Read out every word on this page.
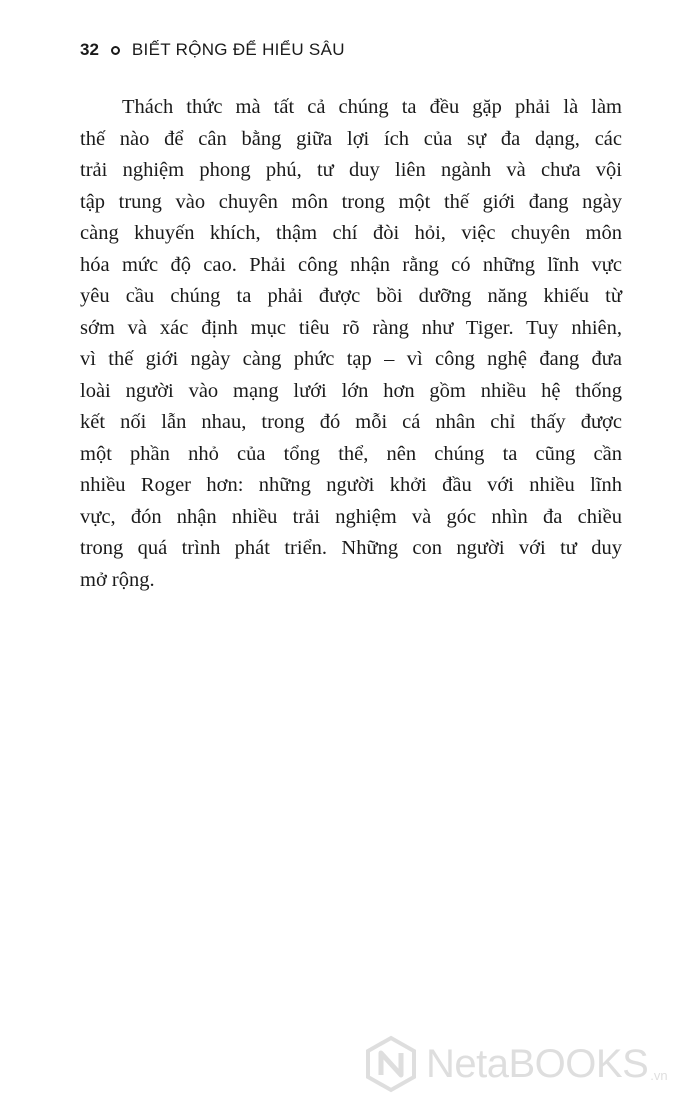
32 BIẾT RỘNG ĐỂ HIỂU SÂU

Thách thức mà tất cả chúng ta đều gặp phải là làm
thế nào để cân bằng giữa lợi ích của sự đa dạng, các
trải nghiệm phong phú, tư duy liên ngành và chưa vội
tập trung vào chuyên môn trong một thế giới đang ngày
càng khuyến khích, thậm chí đòi hỏi, việc chuyên môn
hóa mức độ cao. Phải công nhận rằng có những lĩnh vực
yêu cầu chúng ta phải được bồi dưỡng năng khiếu từ
sớm và xác định mục tiêu rõ ràng như Tiger. Tuy nhiên,
vì thế giới ngày càng phức tạp – vì công nghệ đang đưa
loài người vào mạng lưới lớn hơn gồm nhiều hệ thống
kết nối lẫn nhau, trong đó mỗi cá nhân chỉ thấy được
một phần nhỏ của tổng thể, nên chúng ta cũng cần
nhiều Roger hơn: những người khởi đầu với nhiều lĩnh
vực, đón nhận nhiều trải nghiệm và góc nhìn đa chiều
trong quá trình phát triển. Những con người với tư duy
mở rộng.

NetaBOOKS .vn
